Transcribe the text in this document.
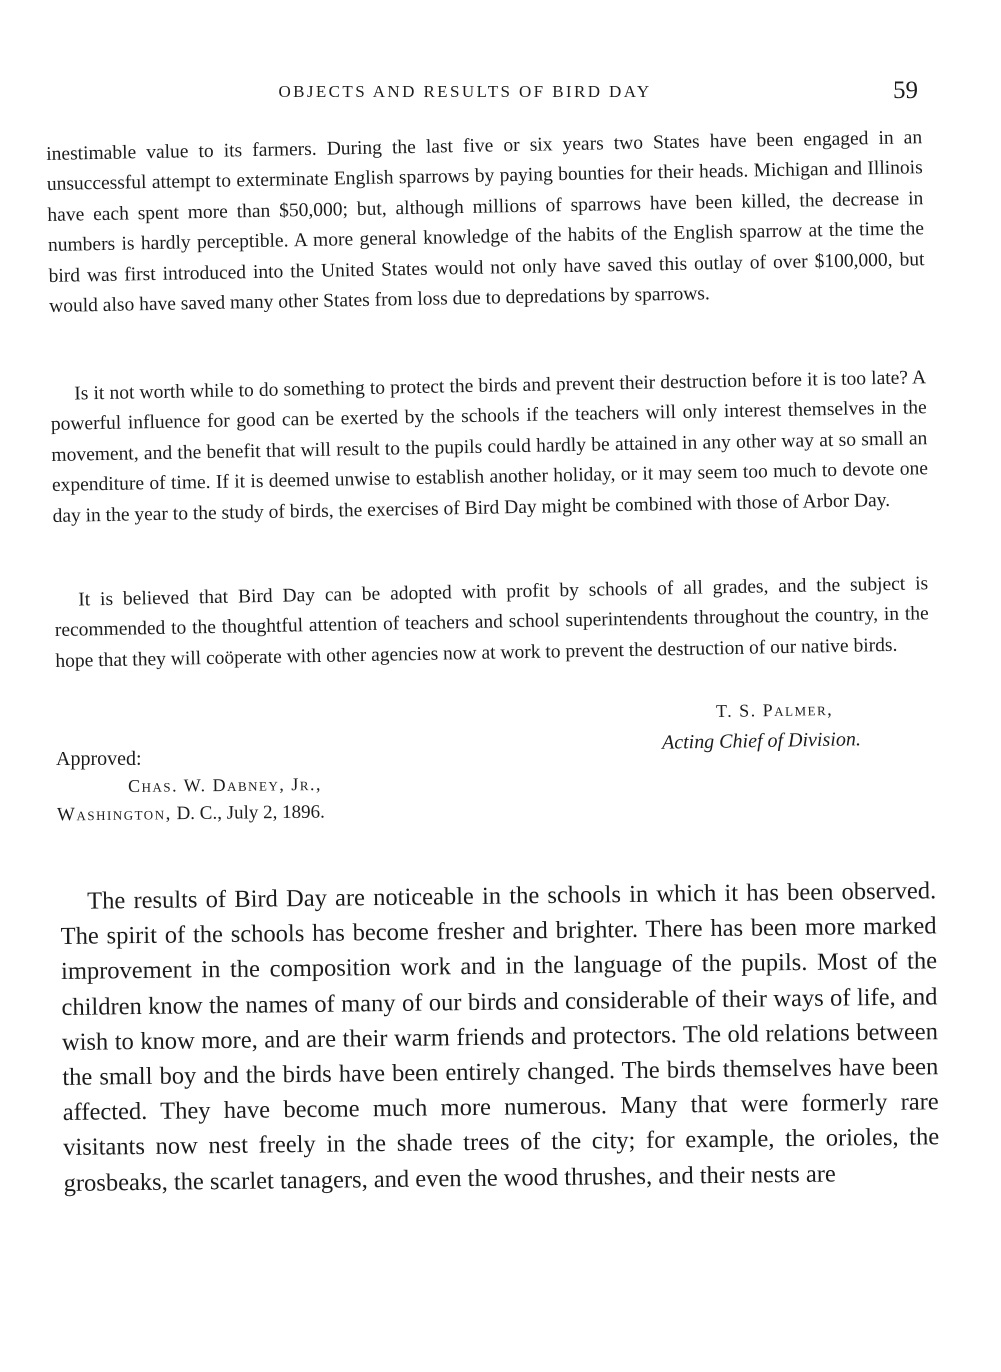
OBJECTS AND RESULTS OF BIRD DAY	59

inestimable value to its farmers. During the last five or six years two States have been engaged in an unsuccessful attempt to exterminate English sparrows by paying bounties for their heads. Michigan and Illinois have each spent more than $50,000; but, although millions of sparrows have been killed, the decrease in numbers is hardly perceptible. A more general knowledge of the habits of the English sparrow at the time the bird was first introduced into the United States would not only have saved this outlay of over $100,000, but would also have saved many other States from loss due to depredations by sparrows.

Is it not worth while to do something to protect the birds and prevent their destruction before it is too late? A powerful influence for good can be exerted by the schools if the teachers will only interest themselves in the movement, and the benefit that will result to the pupils could hardly be attained in any other way at so small an expenditure of time. If it is deemed unwise to establish another holiday, or it may seem too much to devote one day in the year to the study of birds, the exercises of Bird Day might be combined with those of Arbor Day.

It is believed that Bird Day can be adopted with profit by schools of all grades, and the subject is recommended to the thoughtful attention of teachers and school superintendents throughout the country, in the hope that they will coöperate with other agencies now at work to prevent the destruction of our native birds.

T. S. Palmer,
Acting Chief of Division.
Approved:
Chas. W. Dabney, Jr.,
Washington, D. C., July 2, 1896.

The results of Bird Day are noticeable in the schools in which it has been observed. The spirit of the schools has become fresher and brighter. There has been more marked improvement in the composition work and in the language of the pupils. Most of the children know the names of many of our birds and considerable of their ways of life, and wish to know more, and are their warm friends and protectors. The old relations between the small boy and the birds have been entirely changed. The birds themselves have been affected. They have become much more numerous. Many that were formerly rare visitants now nest freely in the shade trees of the city; for example, the orioles, the grosbeaks, the scarlet tanagers, and even the wood thrushes, and their nests are
